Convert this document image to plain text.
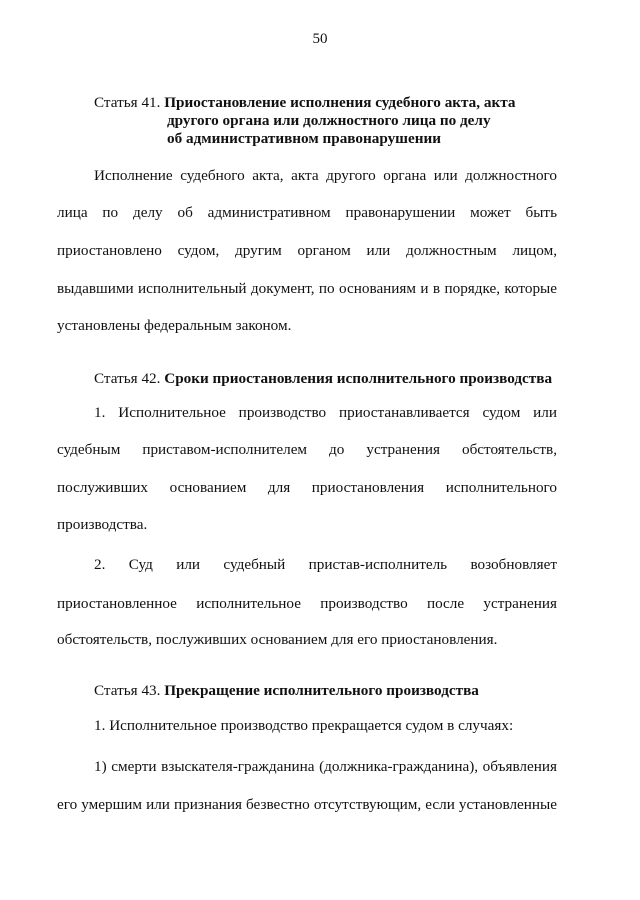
50
Статья 41. Приостановление исполнения судебного акта, акта
другого органа или должностного лица по делу
об административном правонарушении
Исполнение судебного акта, акта другого органа или должностного
лица по делу об административном правонарушении может быть
приостановлено судом, другим органом или должностным лицом,
выдавшими исполнительный документ, по основаниям и в порядке, которые
установлены федеральным законом.
Статья 42. Сроки приостановления исполнительного производства
1. Исполнительное производство приостанавливается судом или
судебным приставом-исполнителем до устранения обстоятельств,
послуживших основанием для приостановления исполнительного
производства.
2. Суд или судебный пристав-исполнитель возобновляет
приостановленное исполнительное производство после устранения
обстоятельств, послуживших основанием для его приостановления.
Статья 43. Прекращение исполнительного производства
1. Исполнительное производство прекращается судом в случаях:
1) смерти взыскателя-гражданина (должника-гражданина), объявления
его умершим или признания безвестно отсутствующим, если установленные
